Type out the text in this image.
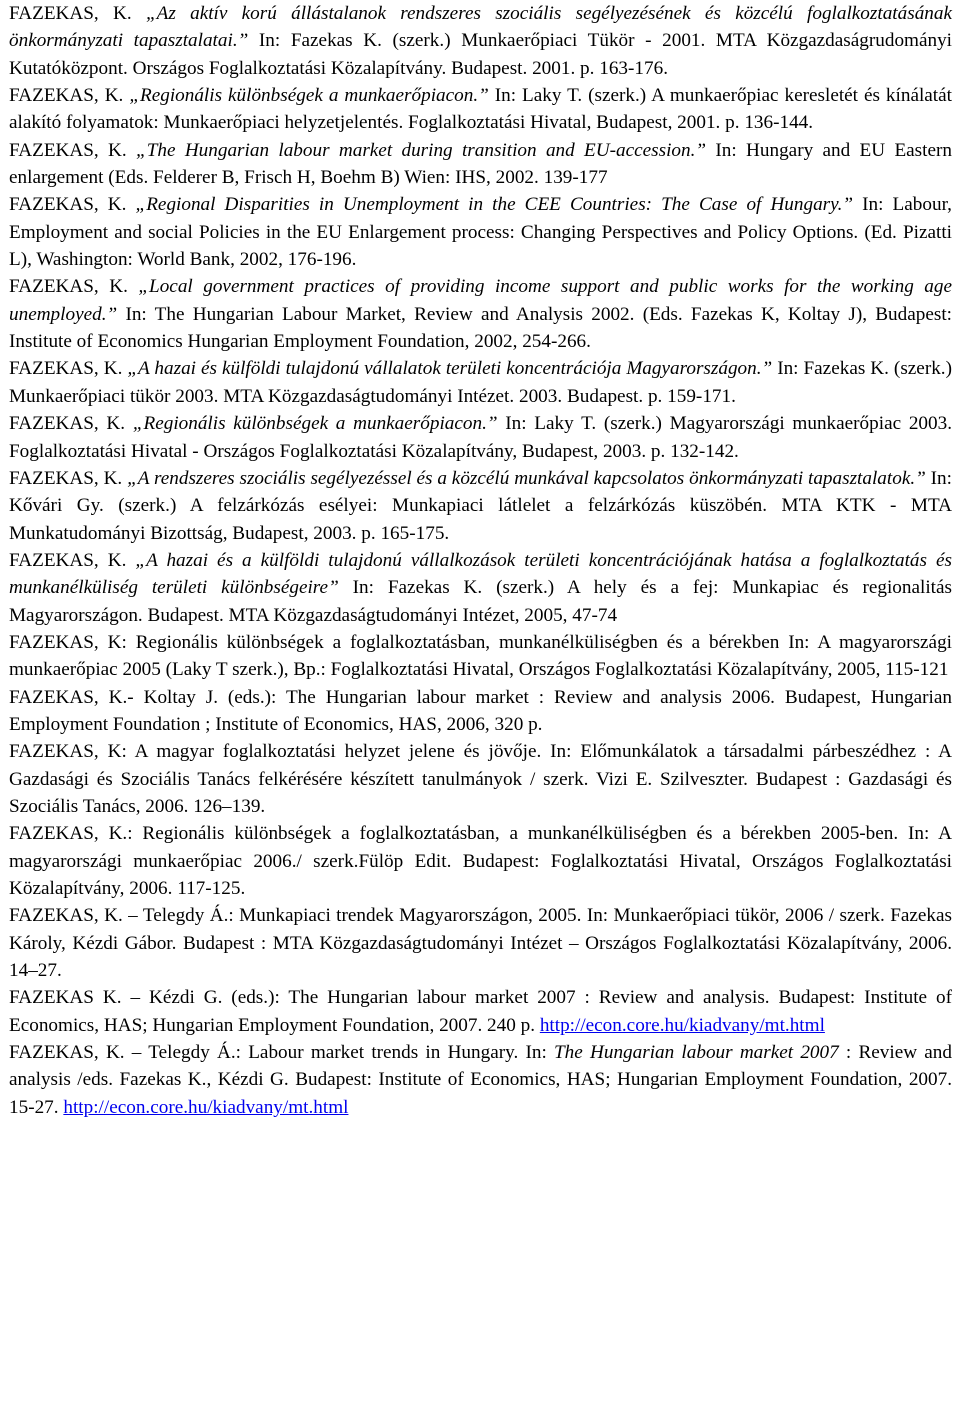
FAZEKAS, K. „Az aktív korú állástalanok rendszeres szociális segélyezésének és közcélú foglalkoztatásának önkormányzati tapasztalatai.” In: Fazekas K. (szerk.) Munkaerőpiaci Tükör - 2001. MTA Közgazdaságrudományi Kutatóközpont. Országos Foglalkoztatási Közalapítvány. Budapest. 2001. p. 163-176.

FAZEKAS, K. „Regionális különbségek a munkaerőpiacon.” In: Laky T. (szerk.) A munkaerőpiac keresletét és kínálatát alakító folyamatok: Munkaerőpiaci helyzetjelentés. Foglalkoztatási Hivatal, Budapest, 2001. p. 136-144.

FAZEKAS, K. „The Hungarian labour market during transition and EU-accession.” In: Hungary and EU Eastern enlargement (Eds. Felderer B, Frisch H, Boehm B) Wien: IHS, 2002. 139-177

FAZEKAS, K. „Regional Disparities in Unemployment in the CEE Countries: The Case of Hungary.” In: Labour, Employment and social Policies in the EU Enlargement process: Changing Perspectives and Policy Options. (Ed. Pizatti L), Washington: World Bank, 2002, 176-196.

FAZEKAS, K. „Local government practices of providing income support and public works for the working age unemployed.” In: The Hungarian Labour Market, Review and Analysis 2002. (Eds. Fazekas K, Koltay J), Budapest: Institute of Economics Hungarian Employment Foundation, 2002, 254-266.

FAZEKAS, K. „A hazai és külföldi tulajdonú vállalatok területi koncentrációja Magyarországon.” In: Fazekas K. (szerk.) Munkaerőpiaci tükör 2003. MTA Közgazdaságtudományi Intézet. 2003. Budapest. p. 159-171.

FAZEKAS, K. „Regionális különbségek a munkaerőpiacon.” In: Laky T. (szerk.) Magyarországi munkaerőpiac 2003. Foglalkoztatási Hivatal - Országos Foglalkoztatási Közalapítvány, Budapest, 2003. p. 132-142.

FAZEKAS, K. „A rendszeres szociális segélyezéssel és a közcélú munkával kapcsolatos önkormányzati tapasztalatok.” In: Kővári Gy. (szerk.) A felzárkózás esélyei: Munkapiaci látlelet a felzárkózás küszöbén. MTA KTK - MTA Munkatudományi Bizottság, Budapest, 2003. p. 165-175.

FAZEKAS, K. „A hazai és a külföldi tulajdonú vállalkozások területi koncentrációjának hatása a foglalkoztatás és munkanélküliség területi különbségeire” In: Fazekas K. (szerk.) A hely és a fej: Munkapiac és regionalitás Magyarországon. Budapest. MTA Közgazdaságtudományi Intézet, 2005, 47-74

FAZEKAS, K: Regionális különbségek a foglalkoztatásban, munkanélküliségben és a bérekben In: A magyarországi munkaerőpiac 2005 (Laky T szerk.), Bp.: Foglalkoztatási Hivatal, Országos Foglalkoztatási Közalapítvány, 2005, 115-121

FAZEKAS, K.- Koltay J. (eds.): The Hungarian labour market : Review and analysis 2006. Budapest, Hungarian Employment Foundation ; Institute of Economics, HAS, 2006, 320 p.

FAZEKAS, K: A magyar foglalkoztatási helyzet jelene és jövője. In: Előmunkálatok a társadalmi párbeszédhez : A Gazdasági és Szociális Tanács felkérésére készített tanulmányok / szerk. Vizi E. Szilveszter. Budapest : Gazdasági és Szociális Tanács, 2006. 126–139.

FAZEKAS, K.: Regionális különbségek a foglalkoztatásban, a munkanélküliségben és a bérekben 2005-ben. In: A magyarországi munkaerőpiac 2006./ szerk.Fülöp Edit. Budapest: Foglalkoztatási Hivatal, Országos Foglalkoztatási Közalapítvány, 2006. 117-125.

FAZEKAS, K. – Telegdy Á.: Munkapiaci trendek Magyarországon, 2005. In: Munkaerőpiaci tükör, 2006 / szerk. Fazekas Károly, Kézdi Gábor. Budapest : MTA Közgazdaságtudományi Intézet – Országos Foglalkoztatási Közalapítvány, 2006. 14–27.

FAZEKAS K. – Kézdi G. (eds.): The Hungarian labour market 2007 : Review and analysis. Budapest: Institute of Economics, HAS; Hungarian Employment Foundation, 2007. 240 p. http://econ.core.hu/kiadvany/mt.html

FAZEKAS, K. – Telegdy Á.: Labour market trends in Hungary. In: The Hungarian labour market 2007 : Review and analysis /eds. Fazekas K., Kézdi G. Budapest: Institute of Economics, HAS; Hungarian Employment Foundation, 2007. 15-27. http://econ.core.hu/kiadvany/mt.html
